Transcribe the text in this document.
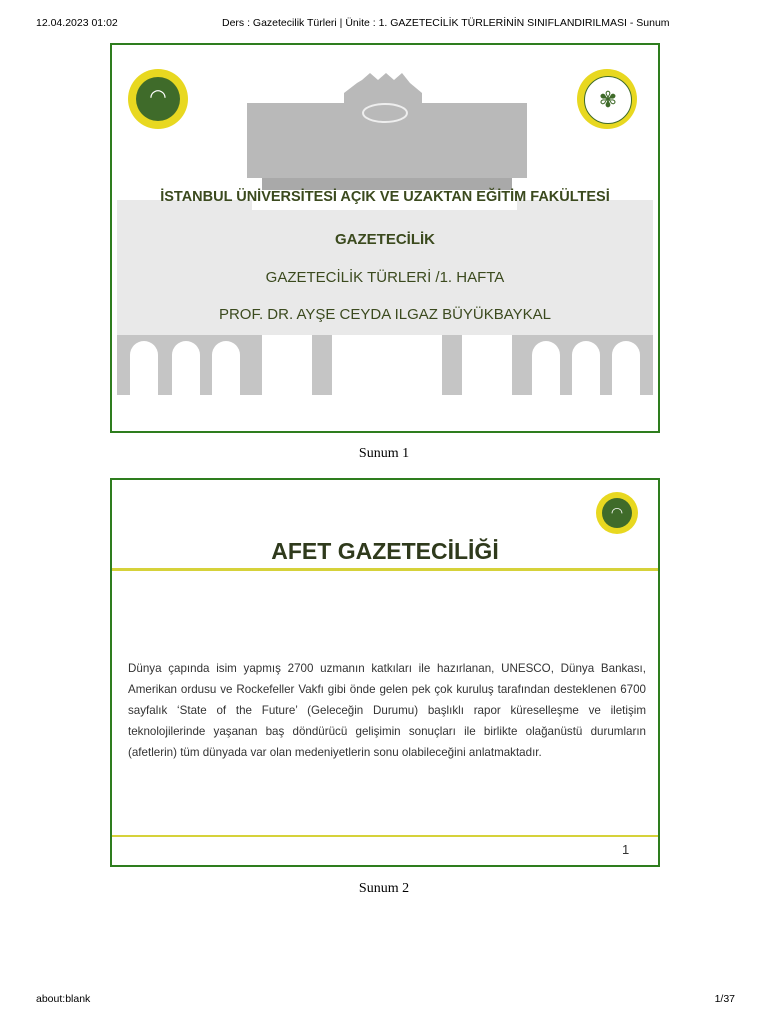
12.04.2023 01:02	Ders : Gazetecilik Türleri | Ünite : 1. GAZETECİLİK TÜRLERİNİN SINIFLANDIRILMASI - Sunum
◠	✾
İSTANBUL ÜNİVERSİTESİ AÇIK VE UZAKTAN EĞİTİM FAKÜLTESİ
GAZETECİLİK
GAZETECİLİK TÜRLERİ /1. HAFTA
PROF. DR. AYŞE CEYDA ILGAZ BÜYÜKBAYKAL
Sunum 1
◠
AFET GAZETECİLİĞİ
Dünya çapında isim yapmış 2700 uzmanın katkıları ile hazırlanan, UNESCO, Dünya Bankası, Amerikan ordusu ve Rockefeller Vakfı gibi önde gelen pek çok kuruluş tarafından desteklenen 6700 sayfalık ‘State of the Future’ (Geleceğin Durumu) başlıklı rapor küreselleşme ve iletişim teknolojilerinde yaşanan baş döndürücü gelişimin sonuçları ile birlikte olağanüstü durumların (afetlerin) tüm dünyada var olan medeniyetlerin sonu olabileceğini anlatmaktadır.
1
Sunum 2
about:blank	1/37
